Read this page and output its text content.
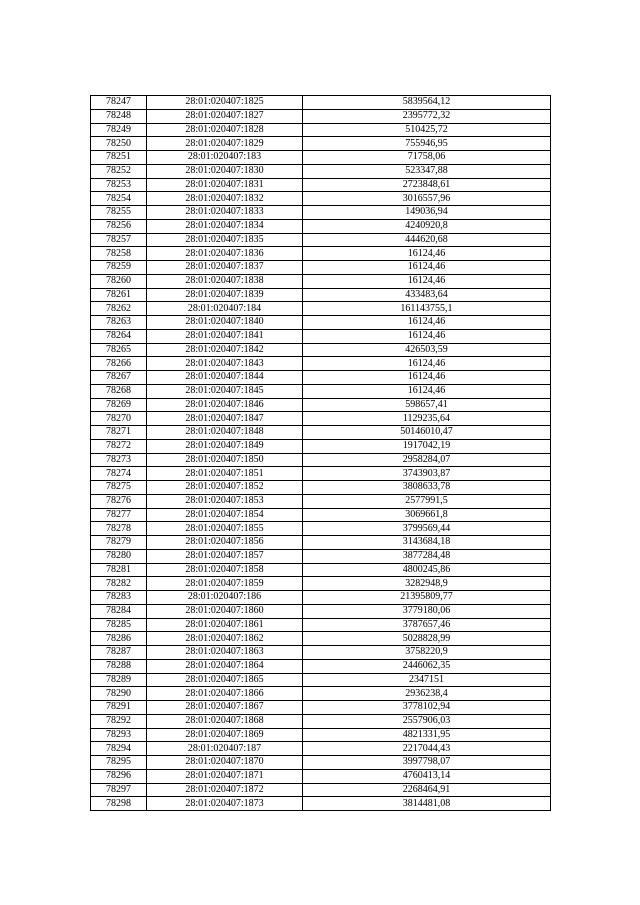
78247	28:01:020407:1825	5839564,12
78248	28:01:020407:1827	2395772,32
78249	28:01:020407:1828	510425,72
78250	28:01:020407:1829	755946,95
78251	28:01:020407:183	71758,06
78252	28:01:020407:1830	523347,88
78253	28:01:020407:1831	2723848,61
78254	28:01:020407:1832	3016557,96
78255	28:01:020407:1833	149036,94
78256	28:01:020407:1834	4240920,8
78257	28:01:020407:1835	444620,68
78258	28:01:020407:1836	16124,46
78259	28:01:020407:1837	16124,46
78260	28:01:020407:1838	16124,46
78261	28:01:020407:1839	433483,64
78262	28:01:020407:184	161143755,1
78263	28:01:020407:1840	16124,46
78264	28:01:020407:1841	16124,46
78265	28:01:020407:1842	426503,59
78266	28:01:020407:1843	16124,46
78267	28:01:020407:1844	16124,46
78268	28:01:020407:1845	16124,46
78269	28:01:020407:1846	598657,41
78270	28:01:020407:1847	1129235,64
78271	28:01:020407:1848	50146010,47
78272	28:01:020407:1849	1917042,19
78273	28:01:020407:1850	2958284,07
78274	28:01:020407:1851	3743903,87
78275	28:01:020407:1852	3808633,78
78276	28:01:020407:1853	2577991,5
78277	28:01:020407:1854	3069661,8
78278	28:01:020407:1855	3799569,44
78279	28:01:020407:1856	3143684,18
78280	28:01:020407:1857	3877284,48
78281	28:01:020407:1858	4800245,86
78282	28:01:020407:1859	3282948,9
78283	28:01:020407:186	21395809,77
78284	28:01:020407:1860	3779180,06
78285	28:01:020407:1861	3787657,46
78286	28:01:020407:1862	5028828,99
78287	28:01:020407:1863	3758220,9
78288	28:01:020407:1864	2446062,35
78289	28:01:020407:1865	2347151
78290	28:01:020407:1866	2936238,4
78291	28:01:020407:1867	3778102,94
78292	28:01:020407:1868	2557906,03
78293	28:01:020407:1869	4821331,95
78294	28:01:020407:187	2217044,43
78295	28:01:020407:1870	3997798,07
78296	28:01:020407:1871	4760413,14
78297	28:01:020407:1872	2268464,91
78298	28:01:020407:1873	3814481,08
